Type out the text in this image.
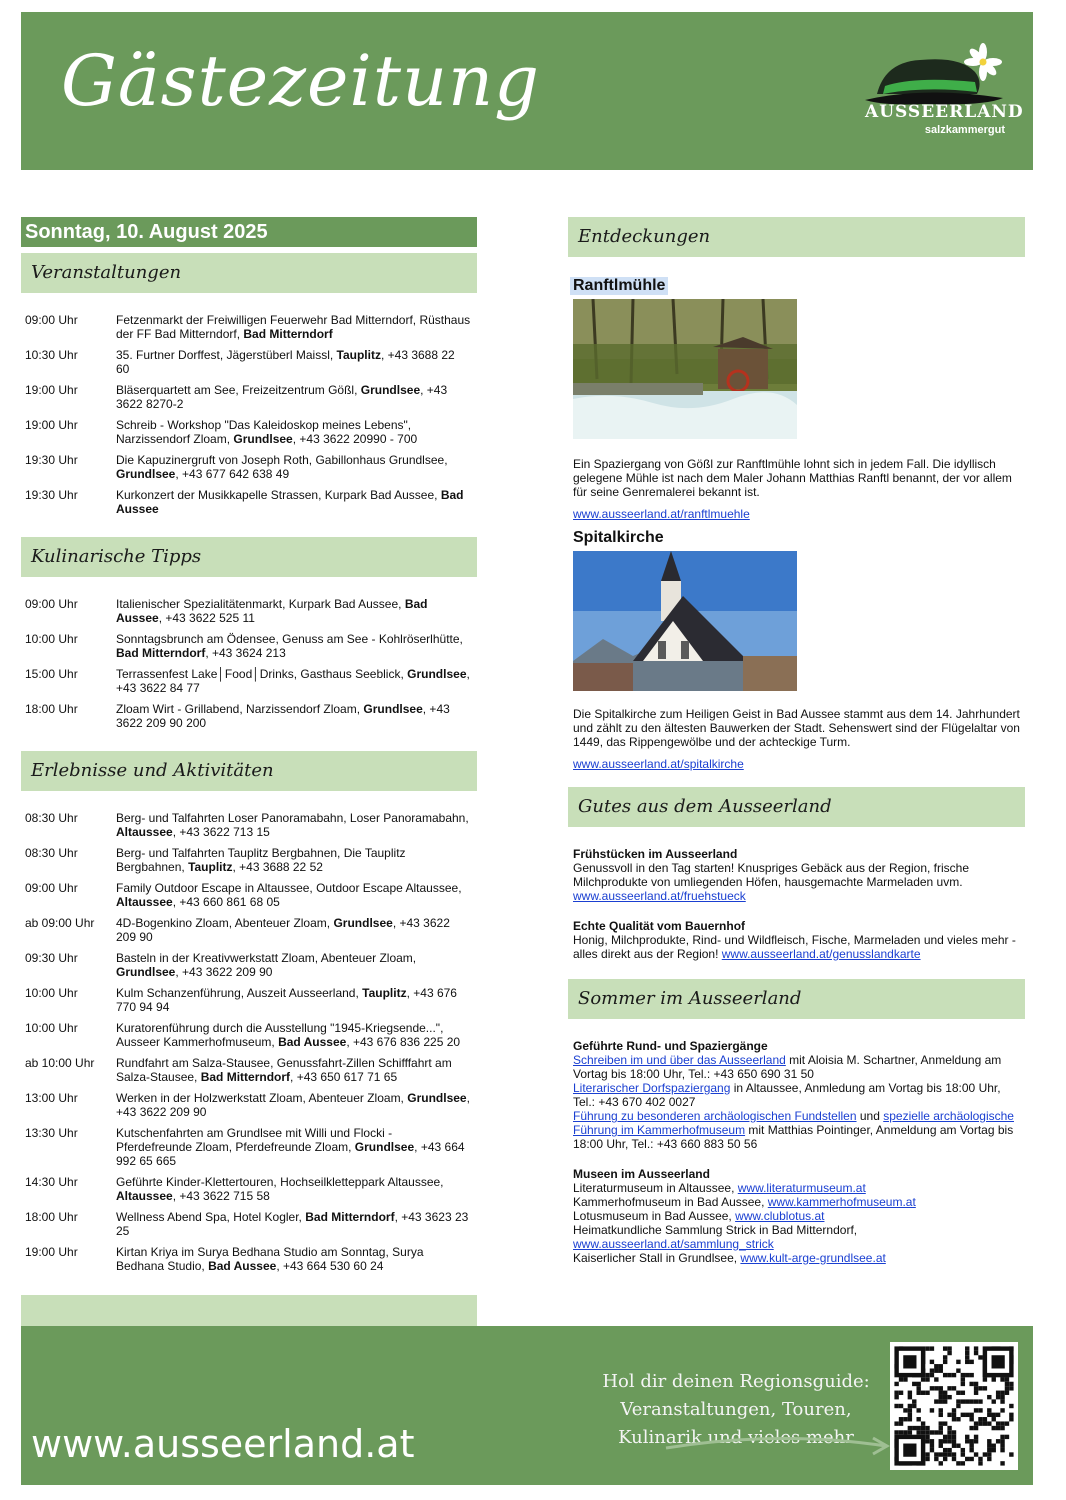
Gästezeitung	AUSSEERLAND
salzkammergut
Sonntag, 10. August 2025
Veranstaltungen
09:00 Uhr	Fetzenmarkt der Freiwilligen Feuerwehr Bad Mitterndorf, Rüsthaus der FF Bad Mitterndorf, Bad Mitterndorf
10:30 Uhr	35. Furtner Dorffest, Jägerstüberl Maissl, Tauplitz, +43 3688 22 60
19:00 Uhr	Bläserquartett am See, Freizeitzentrum Gößl, Grundlsee, +43 3622 8270-2
19:00 Uhr	Schreib - Workshop "Das Kaleidoskop meines Lebens", Narzissendorf Zloam, Grundlsee, +43 3622 20990 - 700
19:30 Uhr	Die Kapuzinergruft von Joseph Roth, Gabillonhaus Grundlsee, Grundlsee, +43 677 642 638 49
19:30 Uhr	Kurkonzert der Musikkapelle Strassen, Kurpark Bad Aussee, Bad Aussee
Kulinarische Tipps
09:00 Uhr	Italienischer Spezialitätenmarkt, Kurpark Bad Aussee, Bad Aussee, +43 3622 525 11
10:00 Uhr	Sonntagsbrunch am Ödensee, Genuss am See - Kohlröserlhütte, Bad Mitterndorf, +43 3624 213
15:00 Uhr	Terrassenfest Lake│Food│Drinks, Gasthaus Seeblick, Grundlsee, +43 3622 84 77
18:00 Uhr	Zloam Wirt - Grillabend, Narzissendorf Zloam, Grundlsee, +43 3622 209 90 200
Erlebnisse und Aktivitäten
08:30 Uhr	Berg- und Talfahrten Loser Panoramabahn, Loser Panoramabahn, Altaussee, +43 3622 713 15
08:30 Uhr	Berg- und Talfahrten Tauplitz Bergbahnen, Die Tauplitz Bergbahnen, Tauplitz, +43 3688 22 52
09:00 Uhr	Family Outdoor Escape in Altaussee, Outdoor Escape Altaussee, Altaussee, +43 660 861 68 05
ab 09:00 Uhr	4D-Bogenkino Zloam, Abenteuer Zloam, Grundlsee, +43 3622 209 90
09:30 Uhr	Basteln in der Kreativwerkstatt Zloam, Abenteuer Zloam, Grundlsee, +43 3622 209 90
10:00 Uhr	Kulm Schanzenführung, Auszeit Ausseerland, Tauplitz, +43 676 770 94 94
10:00 Uhr	Kuratorenführung durch die Ausstellung "1945-Kriegsende...", Ausseer Kammerhofmuseum, Bad Aussee, +43 676 836 225 20
ab 10:00 Uhr	Rundfahrt am Salza-Stausee, Genussfahrt-Zillen Schifffahrt am Salza-Stausee, Bad Mitterndorf, +43 650 617 71 65
13:00 Uhr	Werken in der Holzwerkstatt Zloam, Abenteuer Zloam, Grundlsee, +43 3622 209 90
13:30 Uhr	Kutschenfahrten am Grundlsee mit Willi und Flocki - Pferdefreunde Zloam, Pferdefreunde Zloam, Grundlsee, +43 664 992 65 665
14:30 Uhr	Geführte Kinder-Klettertouren, Hochseilklettерpark Altaussee, Altaussee, +43 3622 715 58
18:00 Uhr	Wellness Abend Spa, Hotel Kogler, Bad Mitterndorf, +43 3623 23 25
19:00 Uhr	Kirtan Kriya im Surya Bedhana Studio am Sonntag, Surya Bedhana Studio, Bad Aussee, +43 664 530 60 24
Entdeckungen
Ranftlmühle
Ein Spaziergang von Gößl zur Ranftlmühle lohnt sich in jedem Fall. Die idyllisch gelegene Mühle ist nach dem Maler Johann Matthias Ranftl benannt, der vor allem für seine Genremalerei bekannt ist.
www.ausseerland.at/ranftlmuehle
Spitalkirche
Die Spitalkirche zum Heiligen Geist in Bad Aussee stammt aus dem 14. Jahrhundert und zählt zu den ältesten Bauwerken der Stadt. Sehenswert sind der Flügelaltar von 1449, das Rippengewölbe und der achteckige Turm.
www.ausseerland.at/spitalkirche
Gutes aus dem Ausseerland
Frühstücken im Ausseerland
Genussvoll in den Tag starten! Knuspriges Gebäck aus der Region, frische Milchprodukte von umliegenden Höfen, hausgemachte Marmeladen uvm.
www.ausseerland.at/fruehstueck
Echte Qualität vom Bauernhof
Honig, Milchprodukte, Rind- und Wildfleisch, Fische, Marmeladen und vieles mehr - alles direkt aus der Region! www.ausseerland.at/genusslandkarte
Sommer im Ausseerland
Geführte Rund- und Spaziergänge
Schreiben im und über das Ausseerland mit Aloisia M. Schartner, Anmeldung am Vortag bis 18:00 Uhr, Tel.: +43 650 690 31 50
Literarischer Dorfspaziergang in Altaussee, Anmledung am Vortag bis 18:00 Uhr, Tel.: +43 670 402 0027
Führung zu besonderen archäologischen Fundstellen und spezielle archäologische Führung im Kammerhofmuseum mit Matthias Pointinger, Anmeldung am Vortag bis 18:00 Uhr, Tel.: +43 660 883 50 56
Museen im Ausseerland
Literaturmuseum in Altaussee, www.literaturmuseum.at
Kammerhofmuseum in Bad Aussee, www.kammerhofmuseum.at
Lotusmuseum in Bad Aussee, www.clublotus.at
Heimatkundliche Sammlung Strick in Bad Mitterndorf,
www.ausseerland.at/sammlung_strick
Kaiserlicher Stall in Grundlsee, www.kult-arge-grundlsee.at
www.ausseerland.at
Hol dir deinen Regionsguide:
Veranstaltungen, Touren,
Kulinarik und vieles mehr
